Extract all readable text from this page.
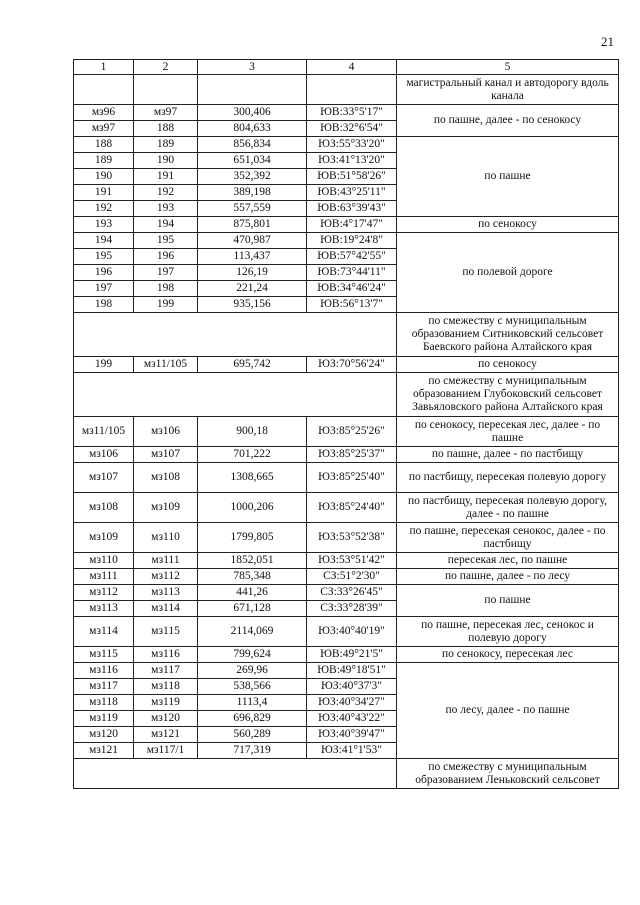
21
1	2	3	4	5
				магистральный канал и автодорогу вдоль канала
мз96	мз97	300,406	ЮВ:33°5'17"	по пашне, далее - по сенокосу
мз97	188	804,633	ЮВ:32°6'54"	
188	189	856,834	ЮЗ:55°33'20"	по пашне
189	190	651,034	ЮЗ:41°13'20"	
190	191	352,392	ЮВ:51°58'26"	
191	192	389,198	ЮВ:43°25'11"	
192	193	557,559	ЮВ:63°39'43"	
193	194	875,801	ЮВ:4°17'47"	по сенокосу
194	195	470,987	ЮВ:19°24'8"	по полевой дороге
195	196	113,437	ЮВ:57°42'55"	
196	197	126,19	ЮВ:73°44'11"	
197	198	221,24	ЮВ:34°46'24"	
198	199	935,156	ЮВ:56°13'7"	
				по смежеству с муниципальным образованием Ситниковский сельсовет Баевского района Алтайского края
199	мз11/105	695,742	ЮЗ:70°56'24"	по сенокосу
				по смежеству с муниципальным образованием Глубоковский сельсовет Завьяловского района Алтайского края
мз11/105	мз106	900,18	ЮЗ:85°25'26"	по сенокосу, пересекая лес, далее - по пашне
мз106	мз107	701,222	ЮЗ:85°25'37"	по пашне, далее - по пастбищу
мз107	мз108	1308,665	ЮЗ:85°25'40"	по пастбищу, пересекая полевую дорогу
мз108	мз109	1000,206	ЮЗ:85°24'40"	по пастбищу, пересекая полевую дорогу, далее - по пашне
мз109	мз110	1799,805	ЮЗ:53°52'38"	по пашне, пересекая сенокос, далее - по пастбищу
мз110	мз111	1852,051	ЮЗ:53°51'42"	пересекая лес, по пашне
мз111	мз112	785,348	СЗ:51°2'30"	по пашне, далее - по лесу
мз112	мз113	441,26	СЗ:33°26'45"	по пашне
мз113	мз114	671,128	СЗ:33°28'39"	
мз114	мз115	2114,069	ЮЗ:40°40'19"	по пашне, пересекая лес, сенокос и полевую дорогу
мз115	мз116	799,624	ЮВ:49°21'5"	по сенокосу, пересекая лес
мз116	мз117	269,96	ЮВ:49°18'51"	по лесу, далее - по пашне
мз117	мз118	538,566	ЮЗ:40°37'3"	
мз118	мз119	1113,4	ЮЗ:40°34'27"	
мз119	мз120	696,829	ЮЗ:40°43'22"	
мз120	мз121	560,289	ЮЗ:40°39'47"	
мз121	мз117/1	717,319	ЮЗ:41°1'53"	
				по смежеству с муниципальным образованием Леньковский сельсовет
